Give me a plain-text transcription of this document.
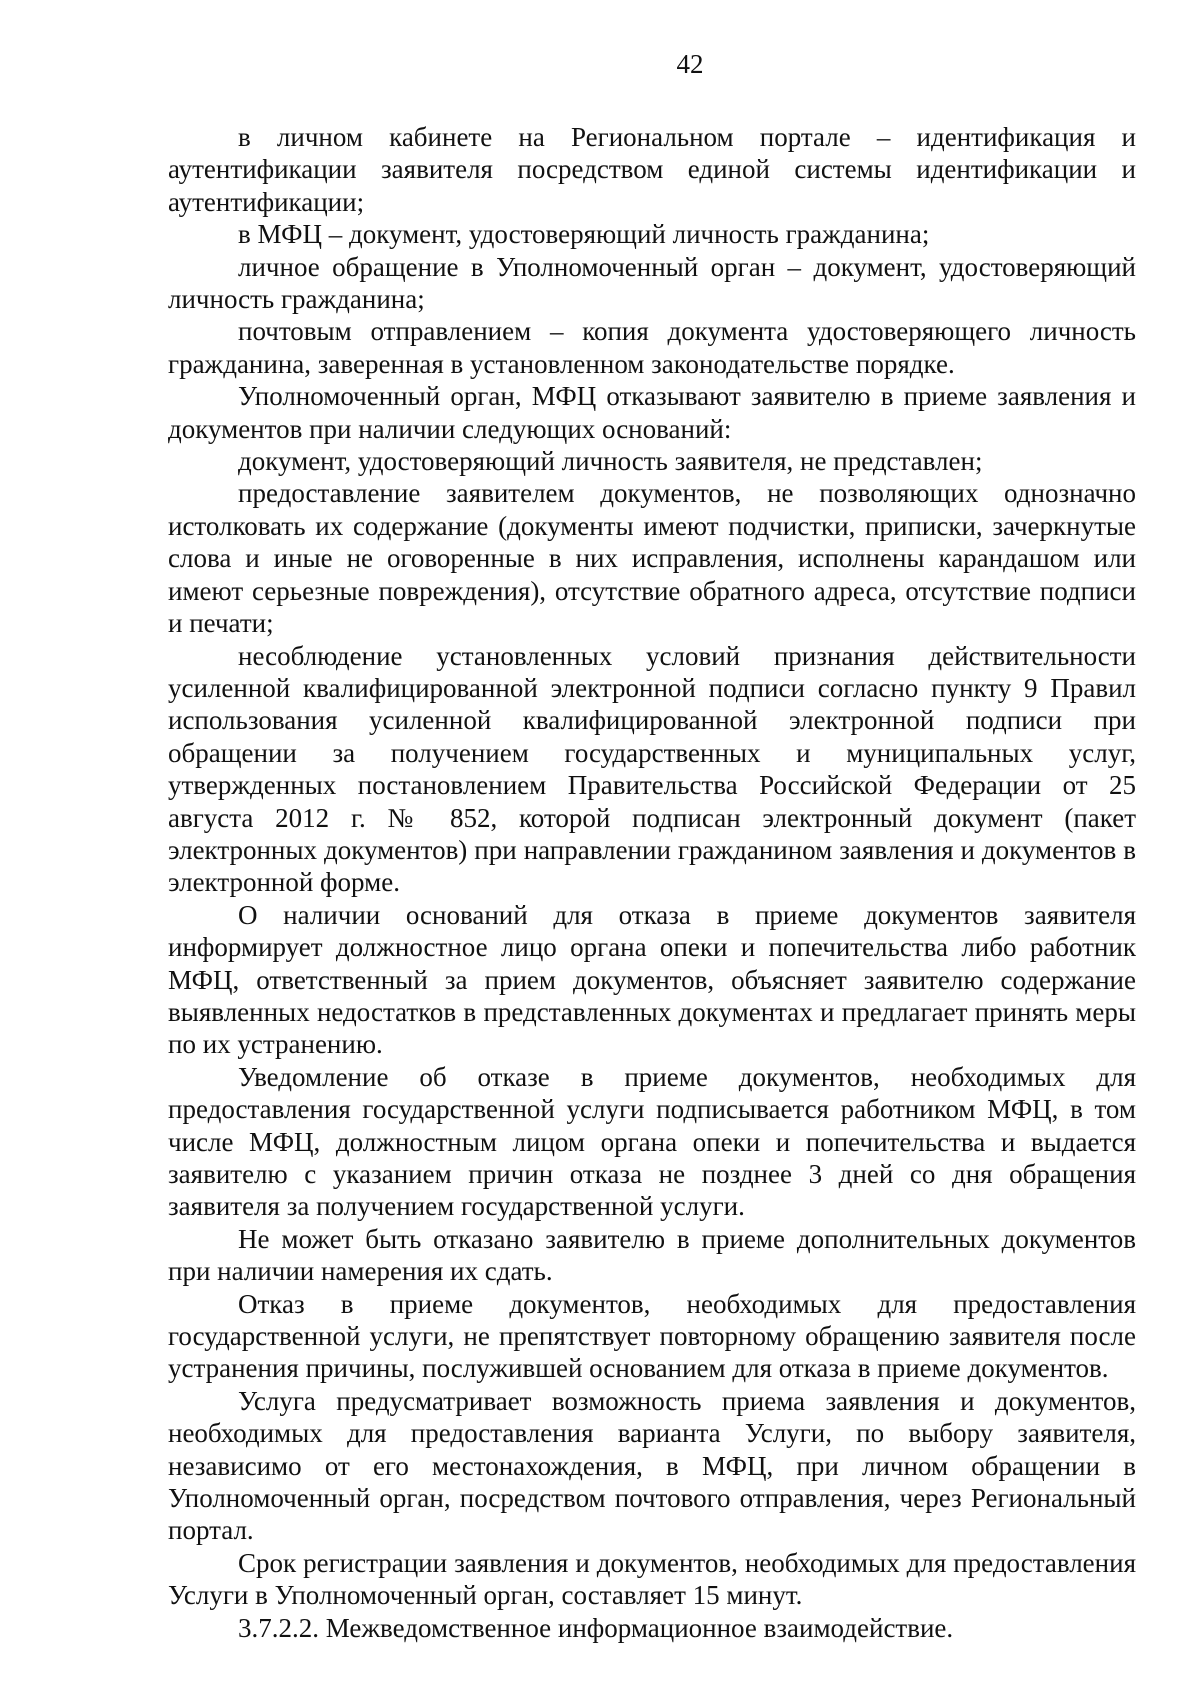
42

в личном кабинете на Региональном портале – идентификация и аутентификации заявителя посредством единой системы идентификации и аутентификации;

в МФЦ – документ, удостоверяющий личность гражданина;

личное обращение в Уполномоченный орган – документ, удостоверяющий личность гражданина;

почтовым отправлением – копия документа удостоверяющего личность гражданина, заверенная в установленном законодательстве порядке.

Уполномоченный орган, МФЦ отказывают заявителю в приеме заявления и документов при наличии следующих оснований:

документ, удостоверяющий личность заявителя, не представлен;

предоставление заявителем документов, не позволяющих однозначно истолковать их содержание (документы имеют подчистки, приписки, зачеркнутые слова и иные не оговоренные в них исправления, исполнены карандашом или имеют серьезные повреждения), отсутствие обратного адреса, отсутствие подписи и печати;

несоблюдение установленных условий признания действительности усиленной квалифицированной электронной подписи согласно пункту 9 Правил использования усиленной квалифицированной электронной подписи при обращении за получением государственных и муниципальных услуг, утвержденных постановлением Правительства Российской Федерации от 25 августа 2012 г. № 852, которой подписан электронный документ (пакет электронных документов) при направлении гражданином заявления и документов в электронной форме.

О наличии оснований для отказа в приеме документов заявителя информирует должностное лицо органа опеки и попечительства либо работник МФЦ, ответственный за прием документов, объясняет заявителю содержание выявленных недостатков в представленных документах и предлагает принять меры по их устранению.

Уведомление об отказе в приеме документов, необходимых для предоставления государственной услуги подписывается работником МФЦ, в том числе МФЦ, должностным лицом органа опеки и попечительства и выдается заявителю с указанием причин отказа не позднее 3 дней со дня обращения заявителя за получением государственной услуги.

Не может быть отказано заявителю в приеме дополнительных документов при наличии намерения их сдать.

Отказ в приеме документов, необходимых для предоставления государственной услуги, не препятствует повторному обращению заявителя после устранения причины, послужившей основанием для отказа в приеме документов.

Услуга предусматривает возможность приема заявления и документов, необходимых для предоставления варианта Услуги, по выбору заявителя, независимо от его местонахождения, в МФЦ, при личном обращении в Уполномоченный орган, посредством почтового отправления, через Региональный портал.

Срок регистрации заявления и документов, необходимых для предоставления Услуги в Уполномоченный орган, составляет 15 минут.

3.7.2.2. Межведомственное информационное взаимодействие.
